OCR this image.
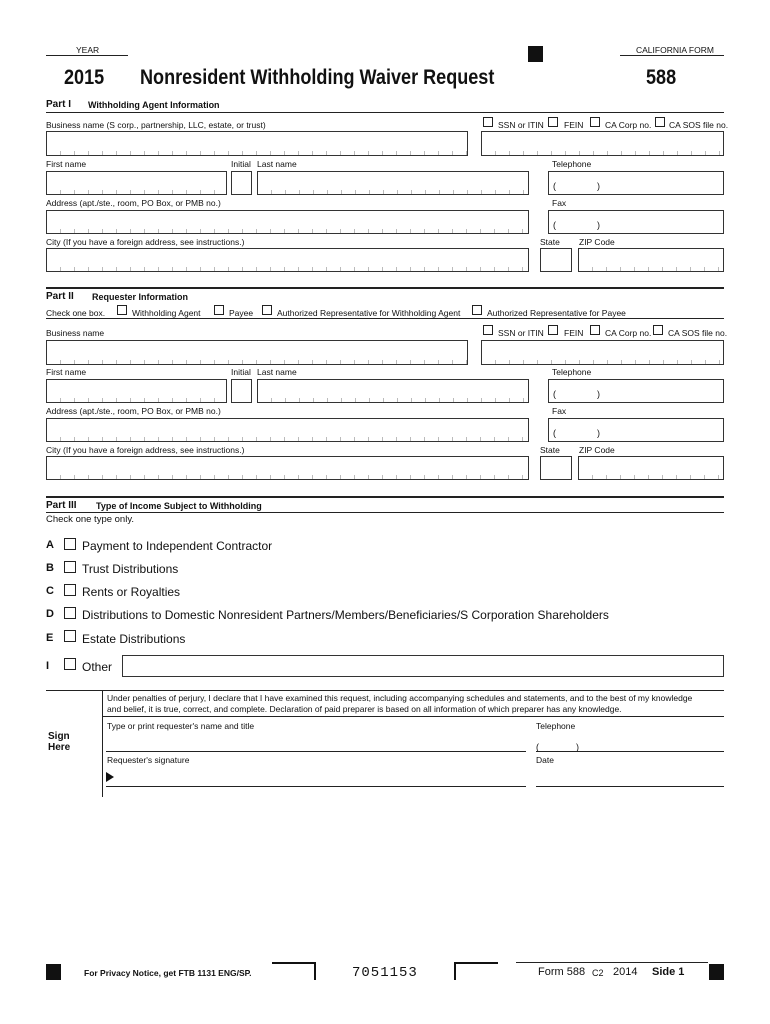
YEAR	CALIFORNIA FORM
2015 Nonresident Withholding Waiver Request	588
Part I Withholding Agent Information
Business name (S corp., partnership, LLC, estate, or trust)	SSN or ITIN FEIN	CA Corp no. CA SOS file no.
First name	Initial Last name	Telephone
(	)
Address (apt./ste., room, PO Box, or PMB no.)	Fax
(	)
City (If you have a foreign address, see instructions.)	State ZIP Code
Part II Requester Information
Check one box.	Withholding Agent	Payee	Authorized Representative for Withholding Agent	Authorized Representative for Payee
Business name	SSN or ITIN FEIN	CA Corp no. CA SOS file no.
First name	Initial Last name	Telephone
(	)
Address (apt./ste., room, PO Box, or PMB no.)	Fax
(	)
City (If you have a foreign address, see instructions.)	State ZIP Code
Part III Type of Income Subject to Withholding
Check one type only.
A Payment to Independent Contractor
B Trust Distributions
C Rents or Royalties
D Distributions to Domestic Nonresident Partners/Members/Beneficiaries/S Corporation Shareholders
E Estate Distributions
I	Other
Sign
Here
Under penalties of perjury, I declare that I have examined this request, including accompanying schedules and statements, and to the best of my knowledge
and belief, it is true, correct, and complete. Declaration of paid preparer is based on all information of which preparer has any knowledge.
Type or print requester's name and title	Telephone
(	)
Requester's signature	Date
For Privacy Notice, get FTB 1131 ENG/SP.	7051153	Form 588 C2 2014 Side 1
